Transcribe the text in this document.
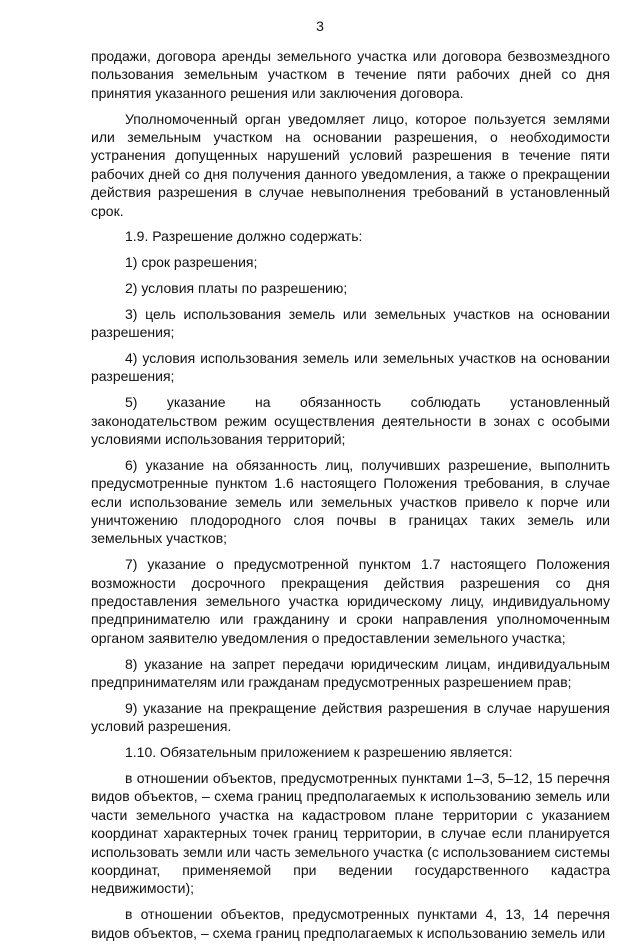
3

продажи, договора аренды земельного участка или договора безвозмездного пользования земельным участком в течение пяти рабочих дней со дня принятия указанного решения или заключения договора.

Уполномоченный орган уведомляет лицо, которое пользуется землями или земельным участком на основании разрешения, о необходимости устранения допущенных нарушений условий разрешения в течение пяти рабочих дней со дня получения данного уведомления, а также о прекращении действия разрешения в случае невыполнения требований в установленный срок.

1.9. Разрешение должно содержать:

1) срок разрешения;

2) условия платы по разрешению;

3) цель использования земель или земельных участков на основании разрешения;

4) условия использования земель или земельных участков на основании разрешения;

5) указание на обязанность соблюдать установленный законодательством режим осуществления деятельности в зонах с особыми условиями использования территорий;

6) указание на обязанность лиц, получивших разрешение, выполнить предусмотренные пунктом 1.6 настоящего Положения требования, в случае если использование земель или земельных участков привело к порче или уничтожению плодородного слоя почвы в границах таких земель или земельных участков;

7) указание о предусмотренной пунктом 1.7 настоящего Положения возможности досрочного прекращения действия разрешения со дня предоставления земельного участка юридическому лицу, индивидуальному предпринимателю или гражданину и сроки направления уполномоченным органом заявителю уведомления о предоставлении земельного участка;

8) указание на запрет передачи юридическим лицам, индивидуальным предпринимателям или гражданам предусмотренных разрешением прав;

9) указание на прекращение действия разрешения в случае нарушения условий разрешения.

1.10. Обязательным приложением к разрешению является:

в отношении объектов, предусмотренных пунктами 1–3, 5–12, 15 перечня видов объектов, – схема границ предполагаемых к использованию земель или части земельного участка на кадастровом плане территории с указанием координат характерных точек границ территории, в случае если планируется использовать земли или часть земельного участка (с использованием системы координат, применяемой при ведении государственного кадастра недвижимости);

в отношении объектов, предусмотренных пунктами 4, 13, 14 перечня видов объектов, – схема границ предполагаемых к использованию земель или
